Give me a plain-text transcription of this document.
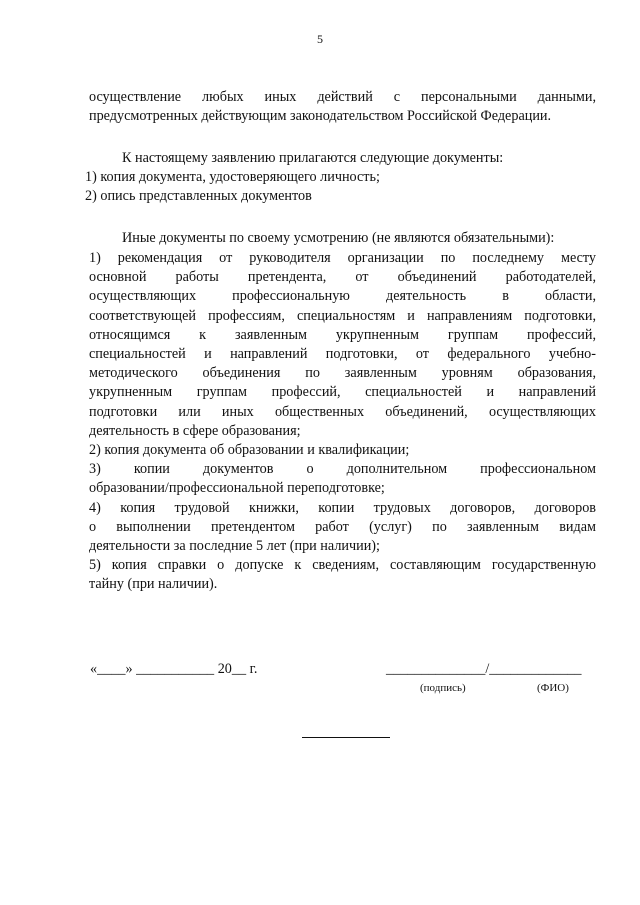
5
осуществление любых иных действий с персональными данными,
предусмотренных действующим законодательством Российской Федерации.

К настоящему заявлению прилагаются следующие документы:

1) копия документа, удостоверяющего личность;

2) опись представленных документов

Иные документы по своему усмотрению (не являются обязательными):

1) рекомендация от руководителя организации по последнему месту
основной работы претендента, от объединений работодателей,
осуществляющих профессиональную деятельность в области,
соответствующей профессиям, специальностям и направлениям подготовки,
относящимся к заявленным укрупненным группам профессий,
специальностей и направлений подготовки, от федерального учебно-
методического объединения по заявленным уровням образования,
укрупненным группам профессий, специальностей и направлений
подготовки или иных общественных объединений, осуществляющих
деятельность в сфере образования;
2) копия документа об образовании и квалификации;
3) копии документов о дополнительном профессиональном
образовании/профессиональной переподготовке;
4) копия трудовой книжки, копии трудовых договоров, договоров
о выполнении претендентом работ (услуг) по заявленным видам
деятельности за последние 5 лет (при наличии);
5) копия справки о допуске к сведениям, составляющим государственную
тайну (при наличии).

«____» ___________ 20__ г.	______________/_____________

(подпись)	(ФИО)
